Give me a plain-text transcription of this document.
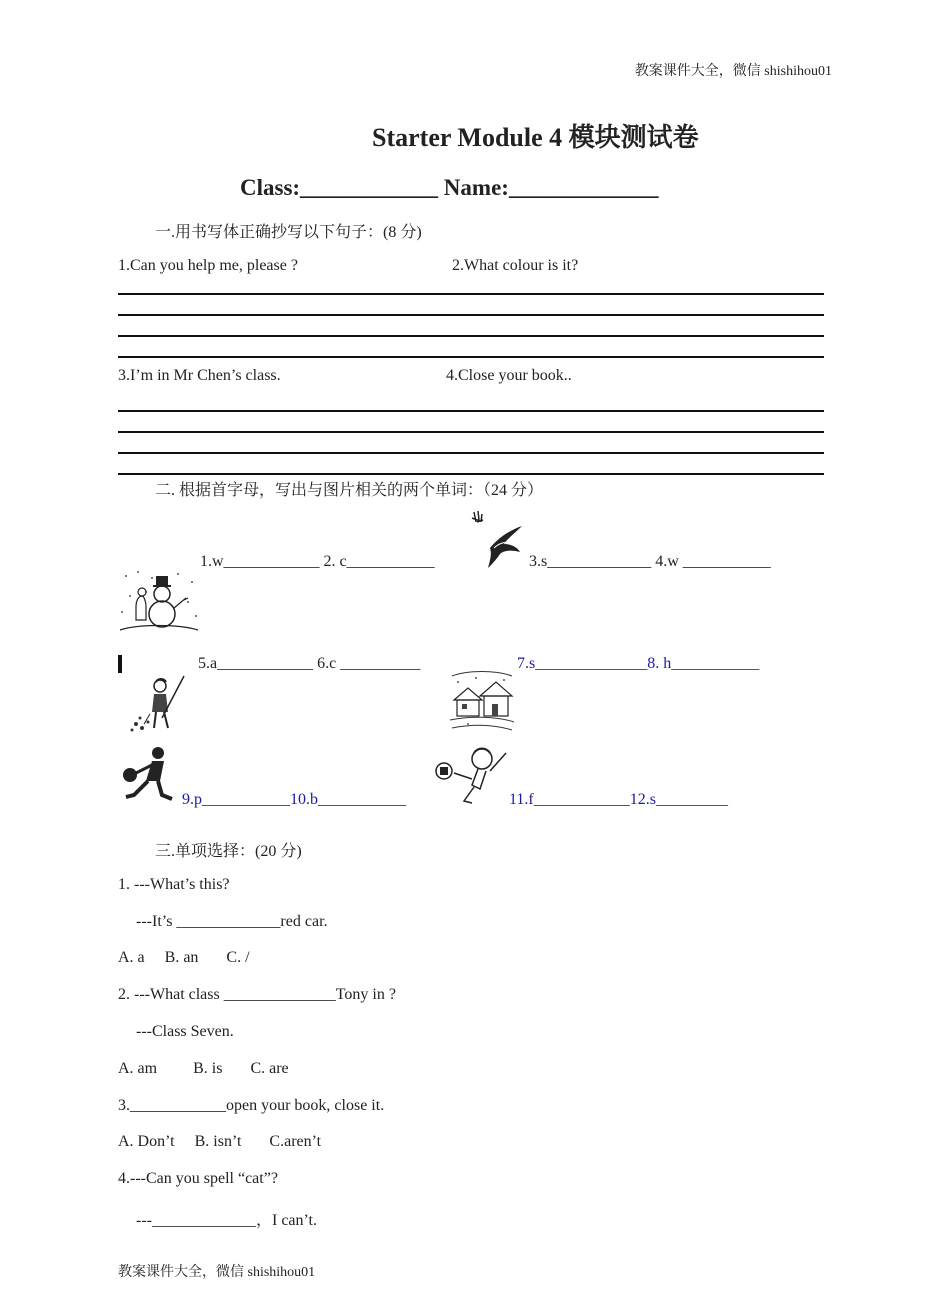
教案课件大全，微信 shishihou01
Starter Module 4 模块测试卷
Class:____________ Name:_____________
一.用书写体正确抄写以下句子：(8 分)
1.Can you help me, please ?	2.What colour is it?
3.I’m in Mr Chen’s class.	4.Close your book..
二. 根据首字母，写出与图片相关的两个单词：（24 分）
1.w____________ 2. c___________	3.s_____________ 4.w ___________
5.a____________ 6.c __________	7.s______________8. h___________
9.p___________10.b___________	11.f____________12.s_________
三.单项选择：(20 分)
1. ---What’s this?
---It’s _____________red car.
A. a     B. an       C. /
2. ---What class ______________Tony in ?
---Class Seven.
A. am         B. is       C. are
3.____________open your book, close it.
A. Don’t     B. isn’t       C.aren’t
4.---Can you spell “cat”?
---_____________，I can’t.
教案课件大全，微信 shishihou01
